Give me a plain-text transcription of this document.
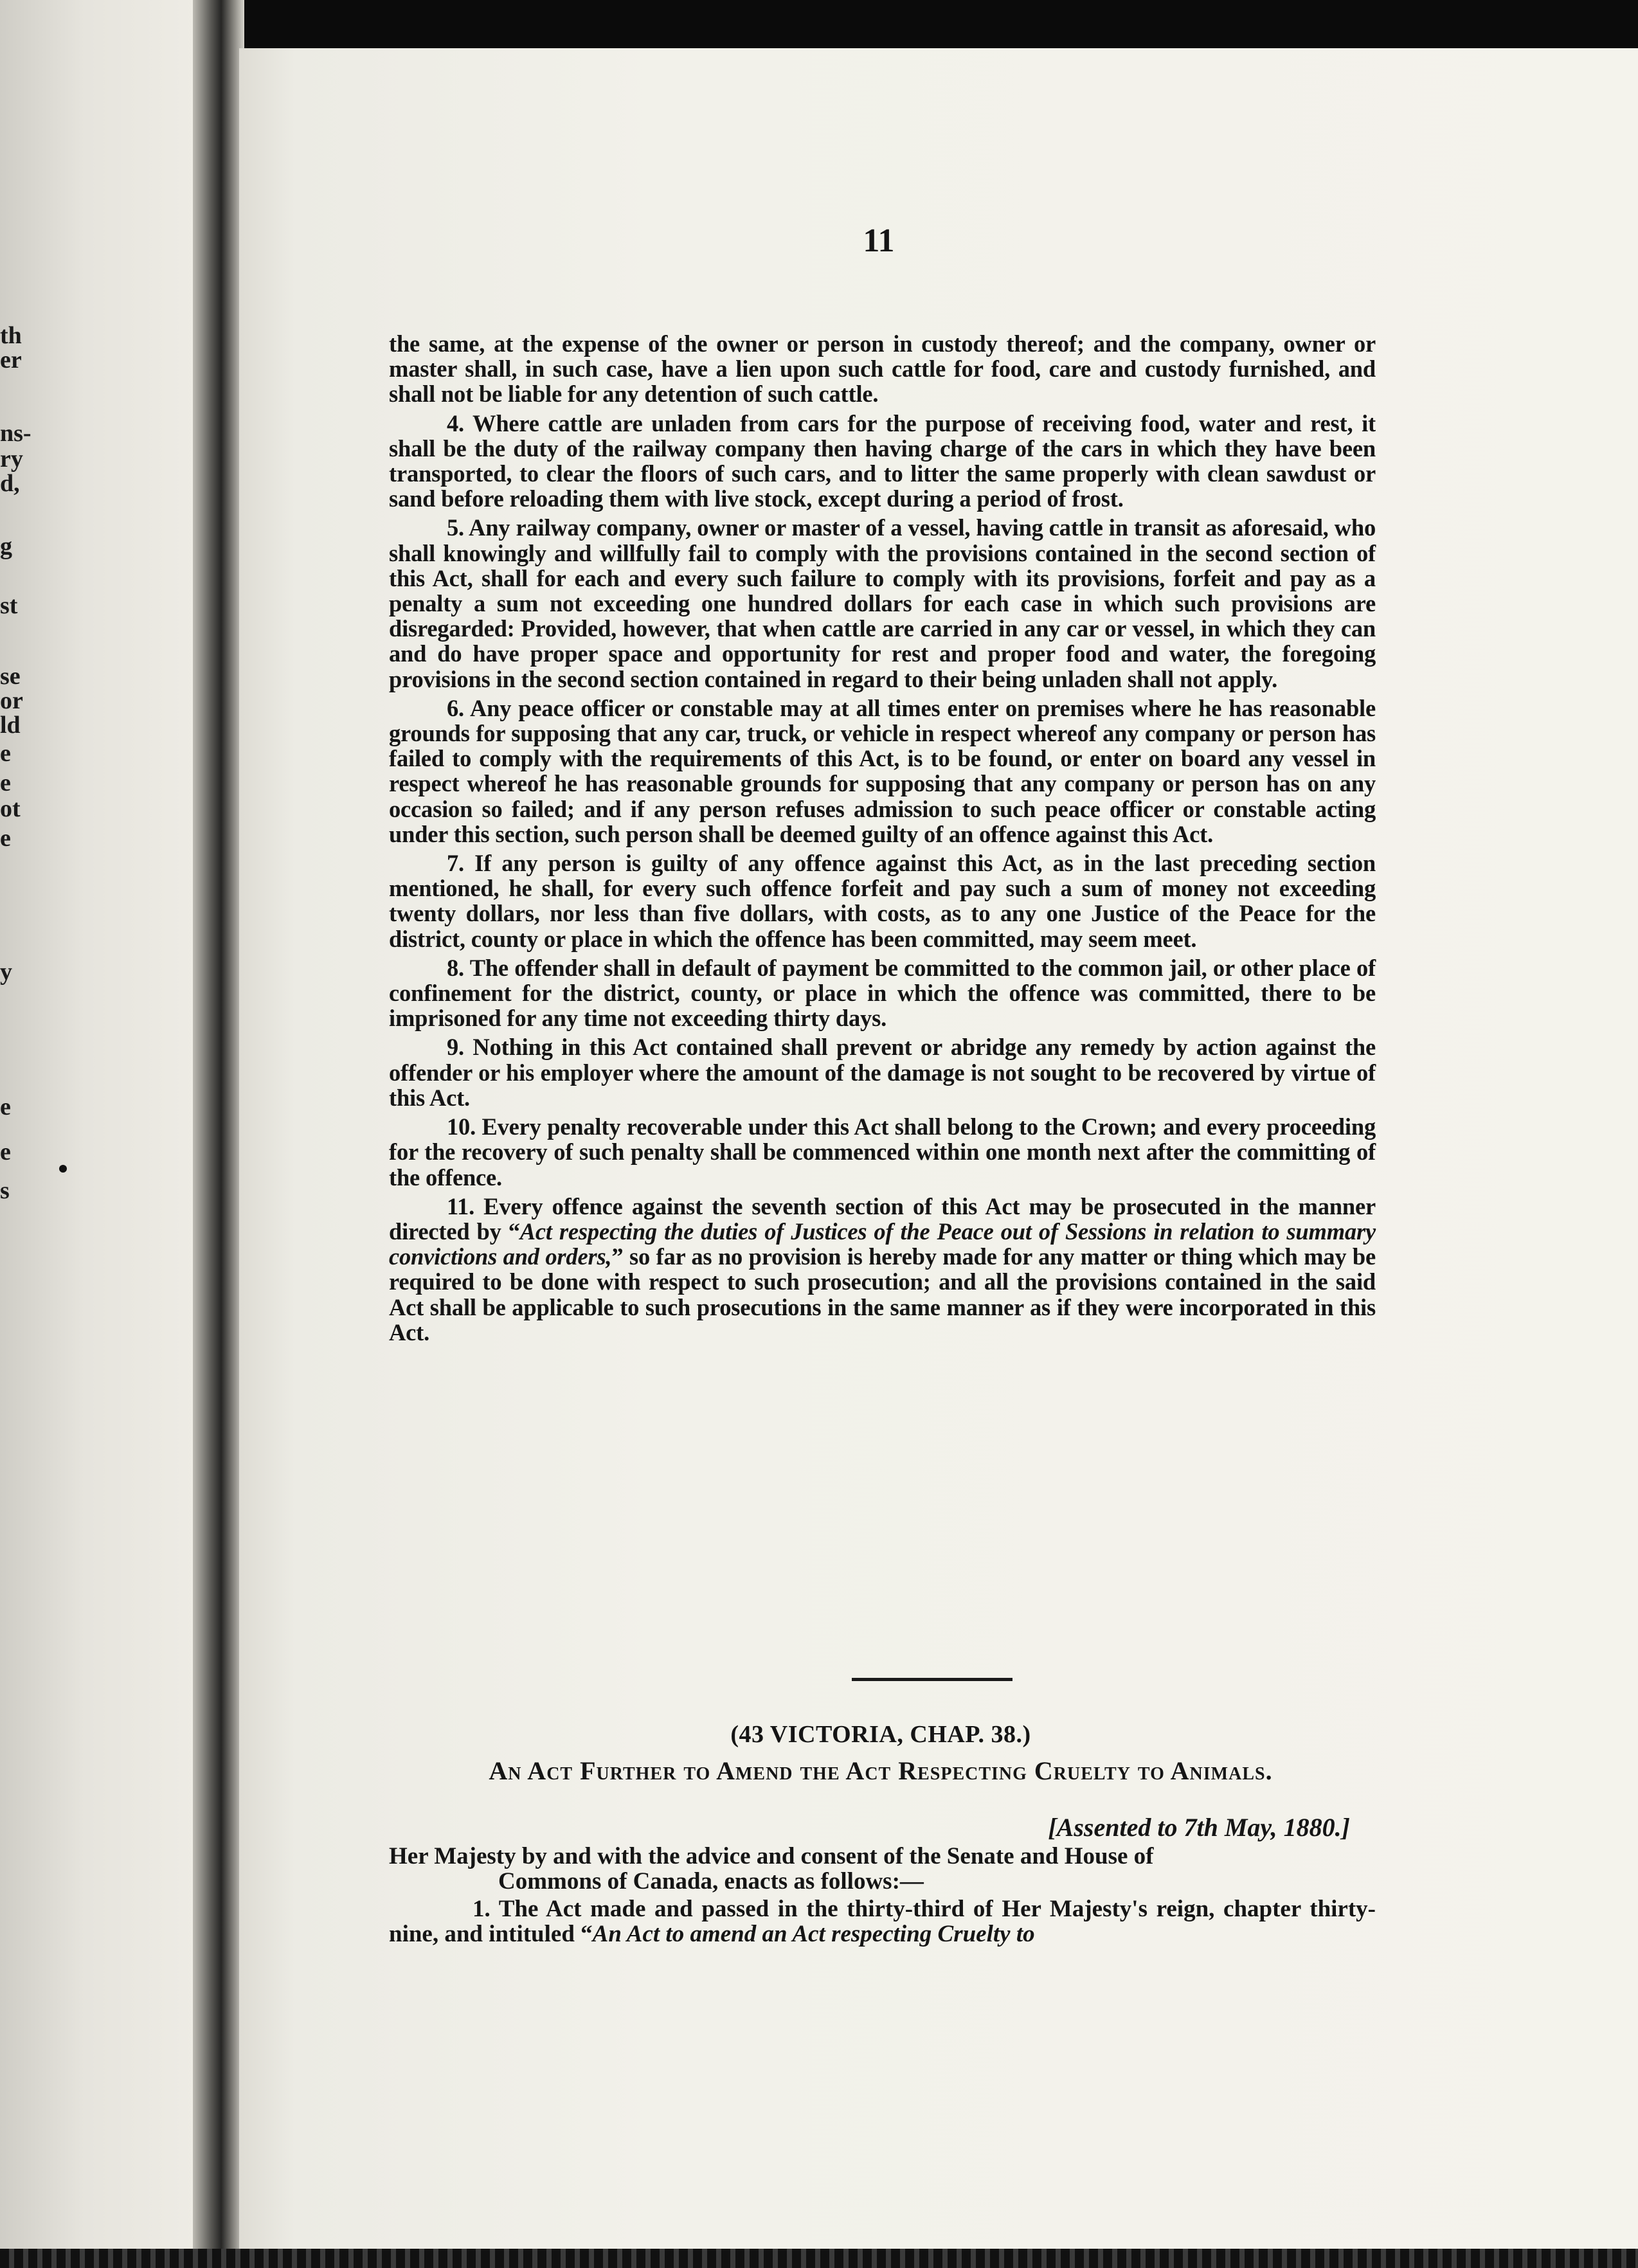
th
er
ns-
ry
d,
g
st
se
or
ld
e
e
ot
e
y
e
e
s
11

the same, at the expense of the owner or person in custody thereof; and the company, owner or master shall, in such case, have a lien upon such cattle for food, care and custody furnished, and shall not be liable for any detention of such cattle.

4. Where cattle are unladen from cars for the purpose of receiving food, water and rest, it shall be the duty of the railway company then having charge of the cars in which they have been transported, to clear the floors of such cars, and to litter the same properly with clean sawdust or sand before reloading them with live stock, except during a period of frost.

5. Any railway company, owner or master of a vessel, having cattle in transit as aforesaid, who shall knowingly and willfully fail to comply with the provisions contained in the second section of this Act, shall for each and every such failure to comply with its provisions, forfeit and pay as a penalty a sum not exceeding one hundred dollars for each case in which such provisions are disregarded: Provided, however, that when cattle are carried in any car or vessel, in which they can and do have proper space and opportunity for rest and proper food and water, the foregoing provisions in the second section contained in regard to their being unladen shall not apply.

6. Any peace officer or constable may at all times enter on premises where he has reasonable grounds for supposing that any car, truck, or vehicle in respect whereof any company or person has failed to comply with the requirements of this Act, is to be found, or enter on board any vessel in respect whereof he has reasonable grounds for supposing that any company or person has on any occasion so failed; and if any person refuses admission to such peace officer or constable acting under this section, such person shall be deemed guilty of an offence against this Act.

7. If any person is guilty of any offence against this Act, as in the last preceding section mentioned, he shall, for every such offence forfeit and pay such a sum of money not exceeding twenty dollars, nor less than five dollars, with costs, as to any one Justice of the Peace for the district, county or place in which the offence has been committed, may seem meet.

8. The offender shall in default of payment be committed to the common jail, or other place of confinement for the district, county, or place in which the offence was committed, there to be imprisoned for any time not exceeding thirty days.

9. Nothing in this Act contained shall prevent or abridge any remedy by action against the offender or his employer where the amount of the damage is not sought to be recovered by virtue of this Act.

10. Every penalty recoverable under this Act shall belong to the Crown; and every proceeding for the recovery of such penalty shall be commenced within one month next after the committing of the offence.

11. Every offence against the seventh section of this Act may be prosecuted in the manner directed by “Act respecting the duties of Justices of the Peace out of Sessions in relation to summary convictions and orders,” so far as no provision is hereby made for any matter or thing which may be required to be done with respect to such prosecution; and all the provisions contained in the said Act shall be applicable to such prosecutions in the same manner as if they were incorporated in this Act.

(43 VICTORIA, CHAP. 38.)
An Act Further to Amend the Act Respecting Cruelty to Animals.
[Assented to 7th May, 1880.]

Her Majesty by and with the advice and consent of the Senate and House of
Commons of Canada, enacts as follows:—

1. The Act made and passed in the thirty-third of Her Majesty's reign, chapter thirty-nine, and intituled “An Act to amend an Act respecting Cruelty to
